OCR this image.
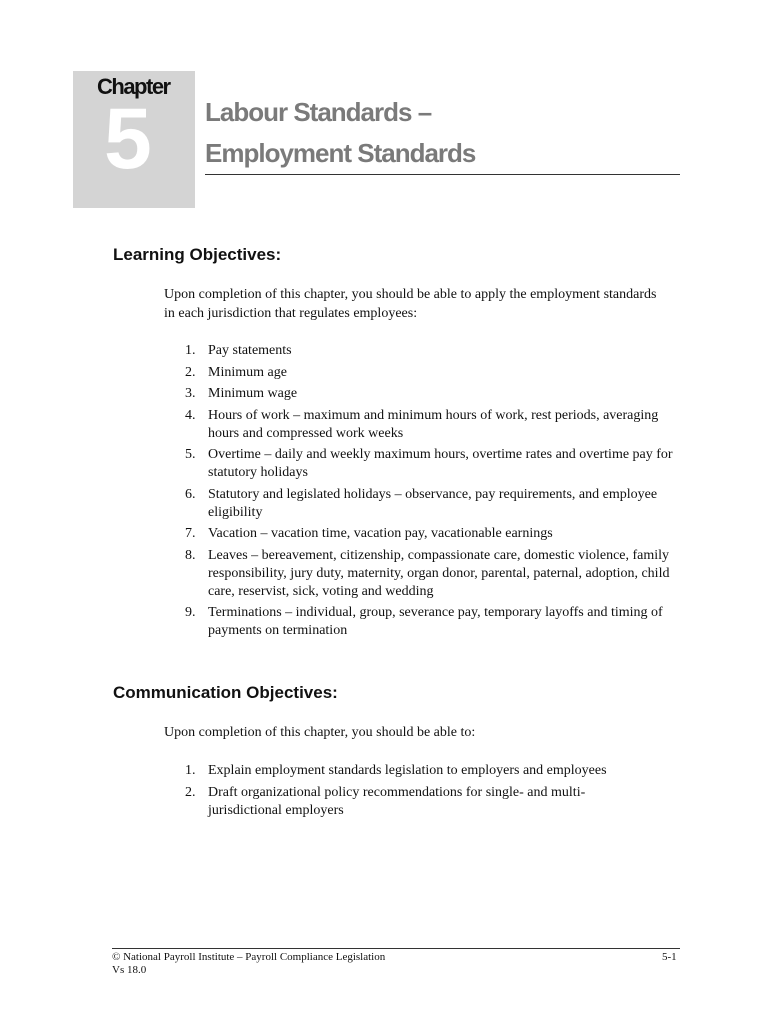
Chapter
5 Labour Standards –
Employment Standards
Learning Objectives:

Upon completion of this chapter, you should be able to apply the employment standards in each jurisdiction that regulates employees:

1. Pay statements
2. Minimum age
3. Minimum wage
4. Hours of work – maximum and minimum hours of work, rest periods, averaging hours and compressed work weeks
5. Overtime – daily and weekly maximum hours, overtime rates and overtime pay for statutory holidays
6. Statutory and legislated holidays – observance, pay requirements, and employee eligibility
7. Vacation – vacation time, vacation pay, vacationable earnings
8. Leaves – bereavement, citizenship, compassionate care, domestic violence, family responsibility, jury duty, maternity, organ donor, parental, paternal, adoption, child care, reservist, sick, voting and wedding
9. Terminations – individual, group, severance pay, temporary layoffs and timing of payments on termination
Communication Objectives:

Upon completion of this chapter, you should be able to:

1. Explain employment standards legislation to employers and employees
2. Draft organizational policy recommendations for single- and multi-jurisdictional employers
© National Payroll Institute – Payroll Compliance Legislation
Vs 18.0
5-1
